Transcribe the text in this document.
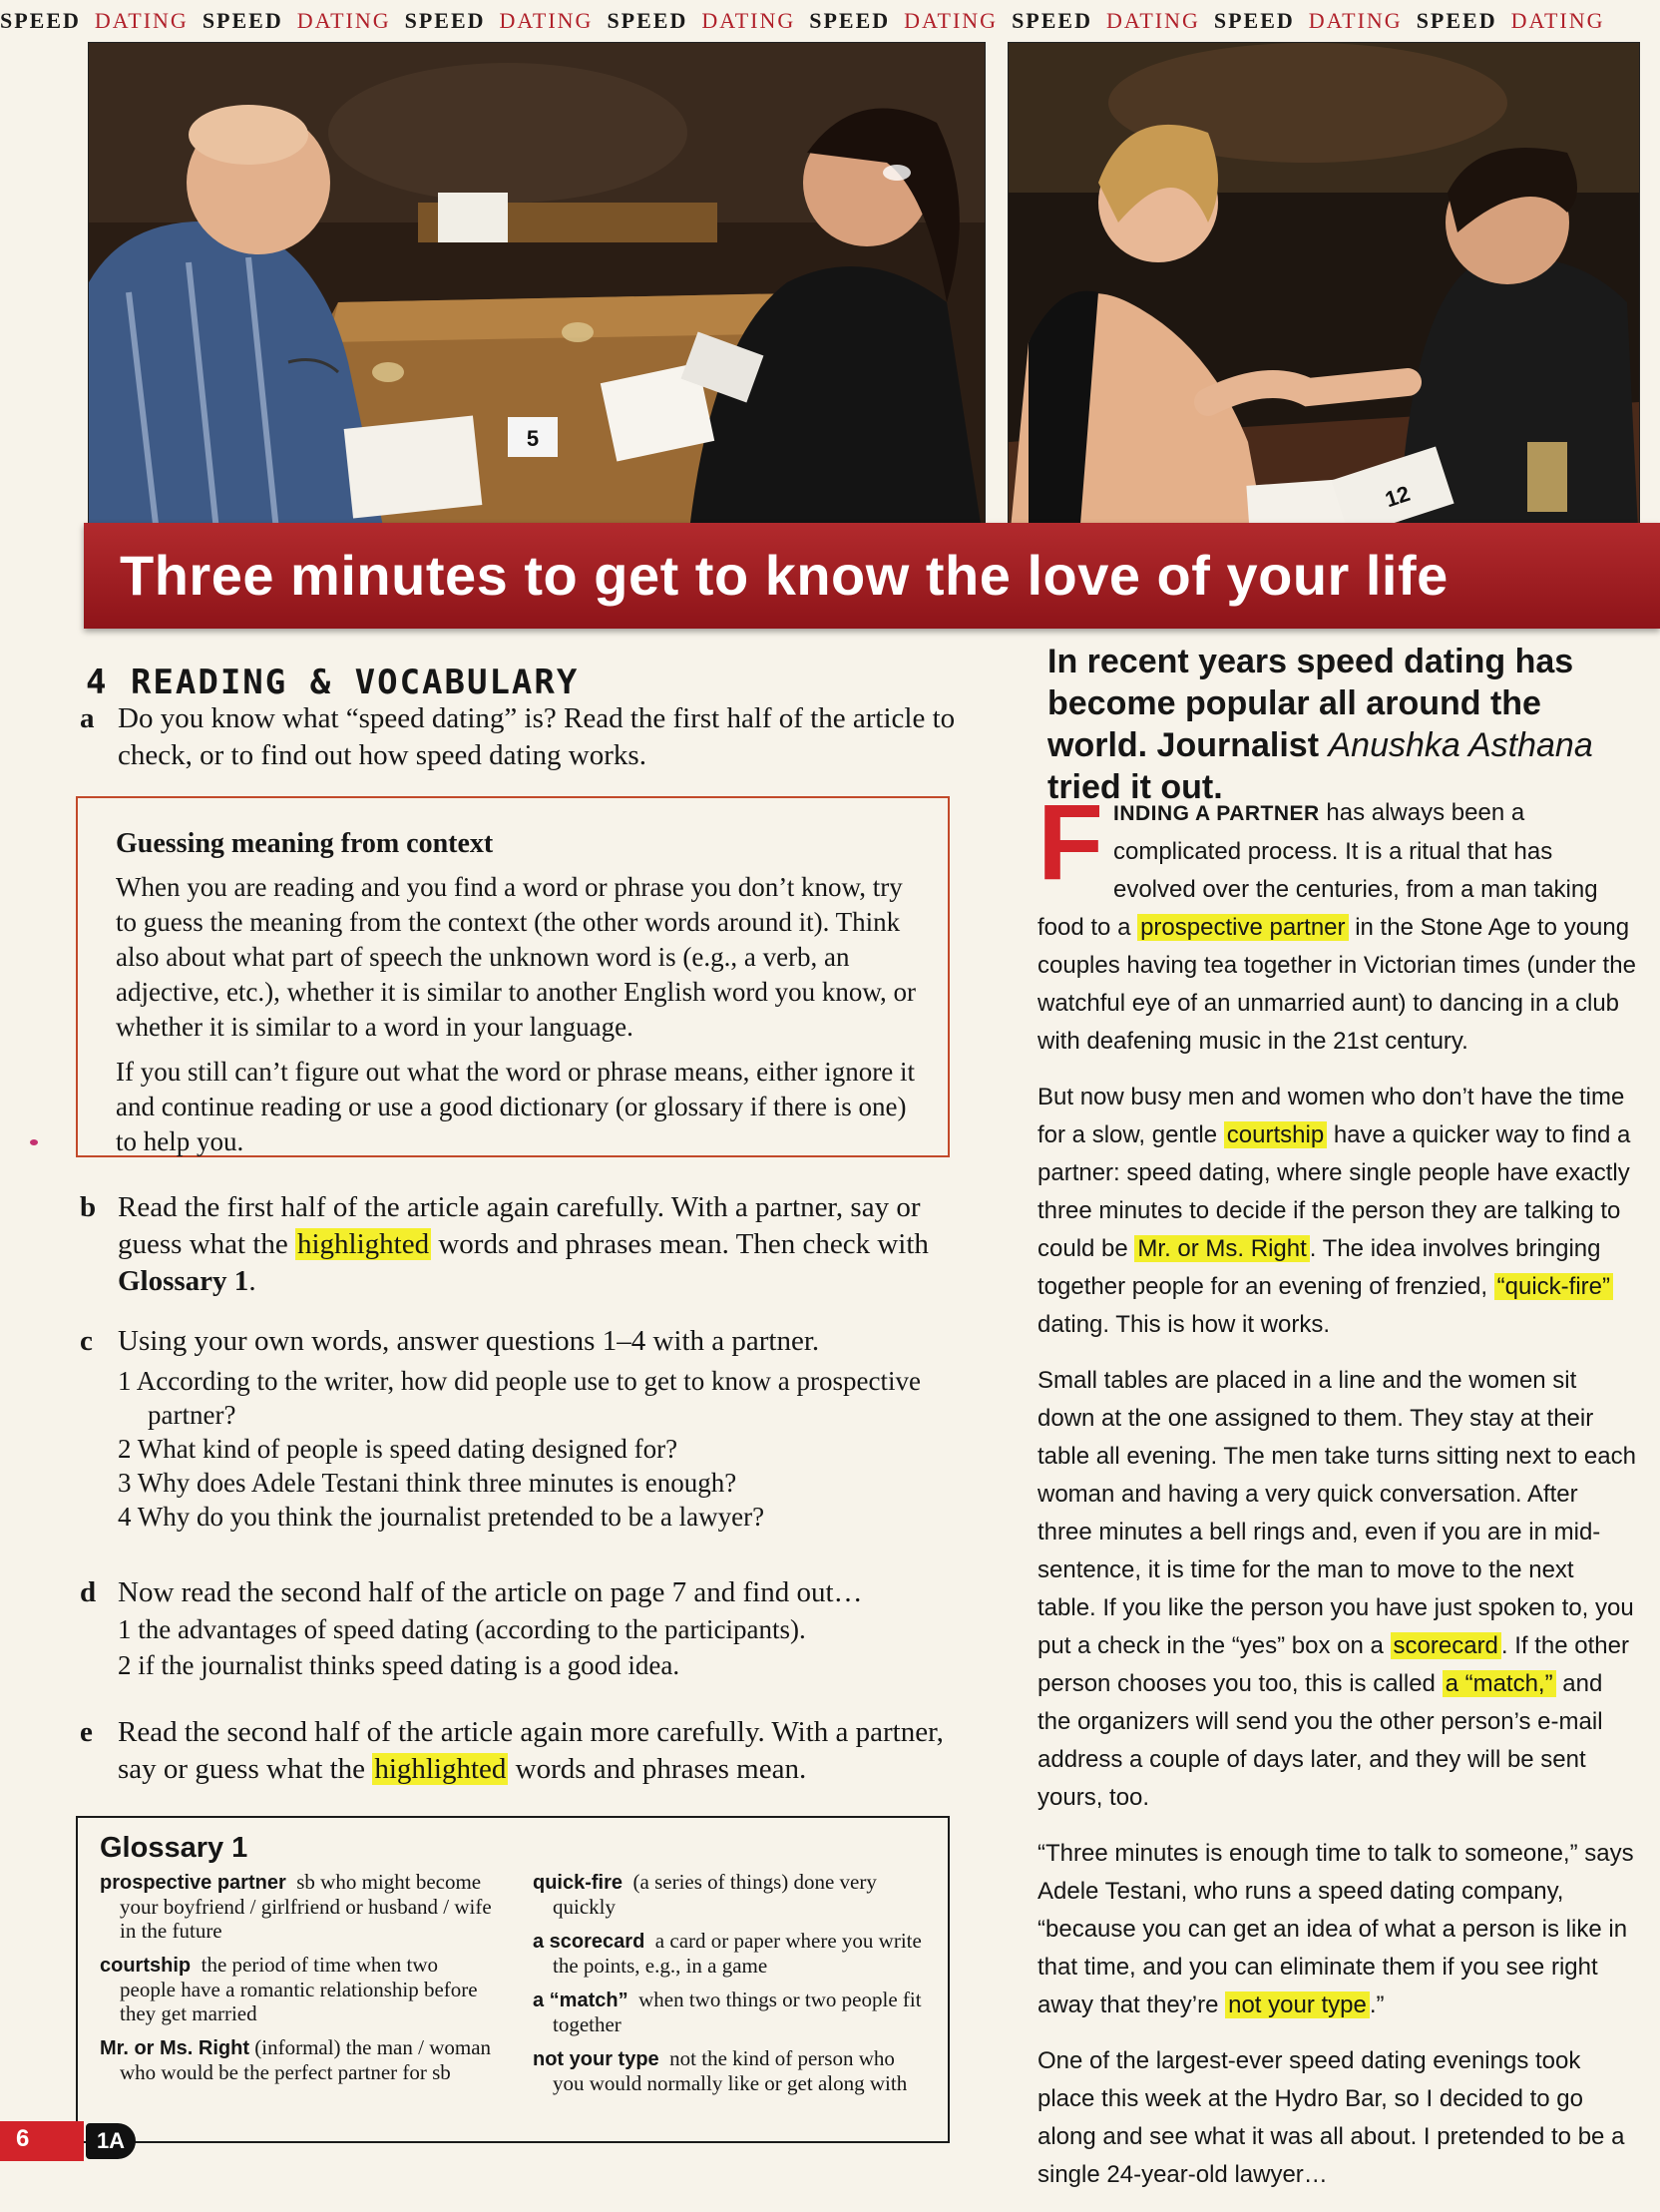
SPEED DATING SPEED DATING SPEED DATING SPEED DATING SPEED DATING SPEED DATING SPEED DATING SPEED DATING
5
12
Three minutes to get to know the love of your life
4 READING & VOCABULARY
a Do you know what “speed dating” is? Read the first half of the article to check, or to find out how speed dating works.
Guessing meaning from context

When you are reading and you find a word or phrase you don’t know, try to guess the meaning from the context (the other words around it). Think also about what part of speech the unknown word is (e.g., a verb, an adjective, etc.), whether it is similar to another English word you know, or whether it is similar to a word in your language.

If you still can’t figure out what the word or phrase means, either ignore it and continue reading or use a good dictionary (or glossary if there is one) to help you.

b Read the first half of the article again carefully. With a partner, say or guess what the highlighted words and phrases mean. Then check with Glossary 1.
c Using your own words, answer questions 1–4 with a partner.
1 According to the writer, how did people use to get to know a prospective partner?
2 What kind of people is speed dating designed for?
3 Why does Adele Testani think three minutes is enough?
4 Why do you think the journalist pretended to be a lawyer?
d Now read the second half of the article on page 7 and find out…
1 the advantages of speed dating (according to the participants).
2 if the journalist thinks speed dating is a good idea.
e Read the second half of the article again more carefully. With a partner, say or guess what the highlighted words and phrases mean.
Glossary 1
prospective partner sb who might become your boyfriend / girlfriend or husband / wife in the future
courtship the period of time when two people have a romantic relationship before they get married
Mr. or Ms. Right (informal) the man / woman who would be the perfect partner for sb
quick-fire (a series of things) done very quickly
a scorecard a card or paper where you write the points, e.g., in a game
a “match” when two things or two people fit together
not your type not the kind of person who you would normally like or get along with
6	1A
In recent years speed dating has become popular all around the world. Journalist Anushka Asthana tried it out.

FINDING A PARTNER has always been a complicated process. It is a ritual that has evolved over the centuries, from a man taking food to a prospective partner in the Stone Age to young couples having tea together in Victorian times (under the watchful eye of an unmarried aunt) to dancing in a club with deafening music in the 21st century.

But now busy men and women who don’t have the time for a slow, gentle courtship have a quicker way to find a partner: speed dating, where single people have exactly three minutes to decide if the person they are talking to could be Mr. or Ms. Right . The idea involves bringing together people for an evening of frenzied, “quick-fire” dating. This is how it works.

Small tables are placed in a line and the women sit down at the one assigned to them. They stay at their table all evening. The men take turns sitting next to each woman and having a very quick conversation. After three minutes a bell rings and, even if you are in mid-sentence, it is time for the man to move to the next table. If you like the person you have just spoken to, you put a check in the “yes” box on a scorecard . If the other person chooses you too, this is called a “match,” and the organizers will send you the other person’s e-mail address a couple of days later, and they will be sent yours, too.

“Three minutes is enough time to talk to someone,” says Adele Testani, who runs a speed dating company, “because you can get an idea of what a person is like in that time, and you can eliminate them if you see right away that they’re not your type .”

One of the largest-ever speed dating evenings took place this week at the Hydro Bar, so I decided to go along and see what it was all about. I pretended to be a single 24-year-old lawyer…
